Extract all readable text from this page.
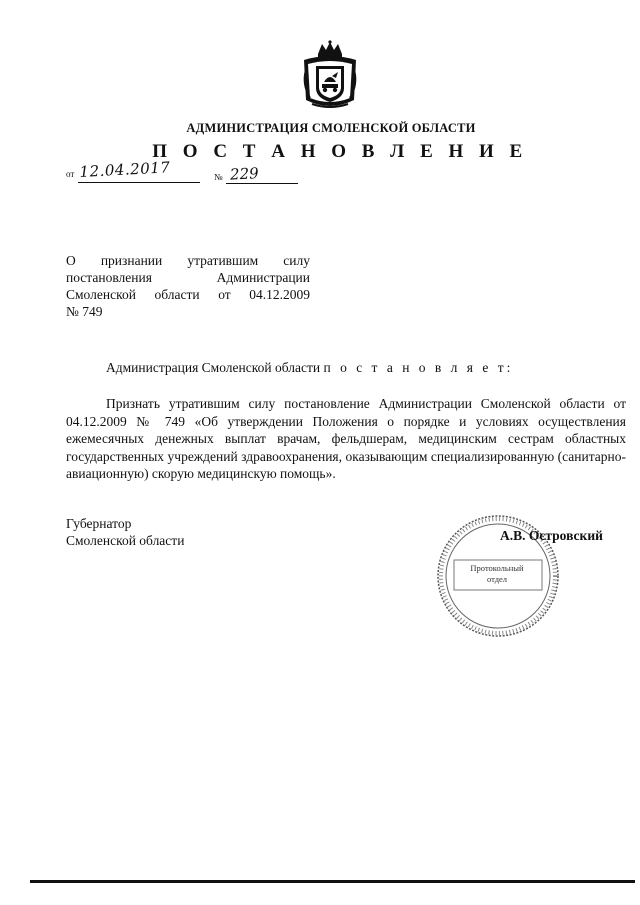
АДМИНИСТРАЦИЯ СМОЛЕНСКОЙ ОБЛАСТИ
П О С Т А Н О В Л Е Н И Е
от 12.04.2017	№ 229
О признании утратившим силу
постановления Администрации
Смоленской области от 04.12.2009
№ 749
Администрация Смоленской области п о с т а н о в л я е т:
Признать утратившим силу постановление Администрации Смоленской области от 04.12.2009 № 749 «Об утверждении Положения о порядке и условиях осуществления ежемесячных денежных выплат врачам, фельдшерам, медицинским сестрам областных государственных учреждений здравоохранения, оказывающим специализированную (санитарно-авиационную) скорую медицинскую помощь».
Губернатор
Смоленской области
Протокольный
отдел
А.В. Островский
